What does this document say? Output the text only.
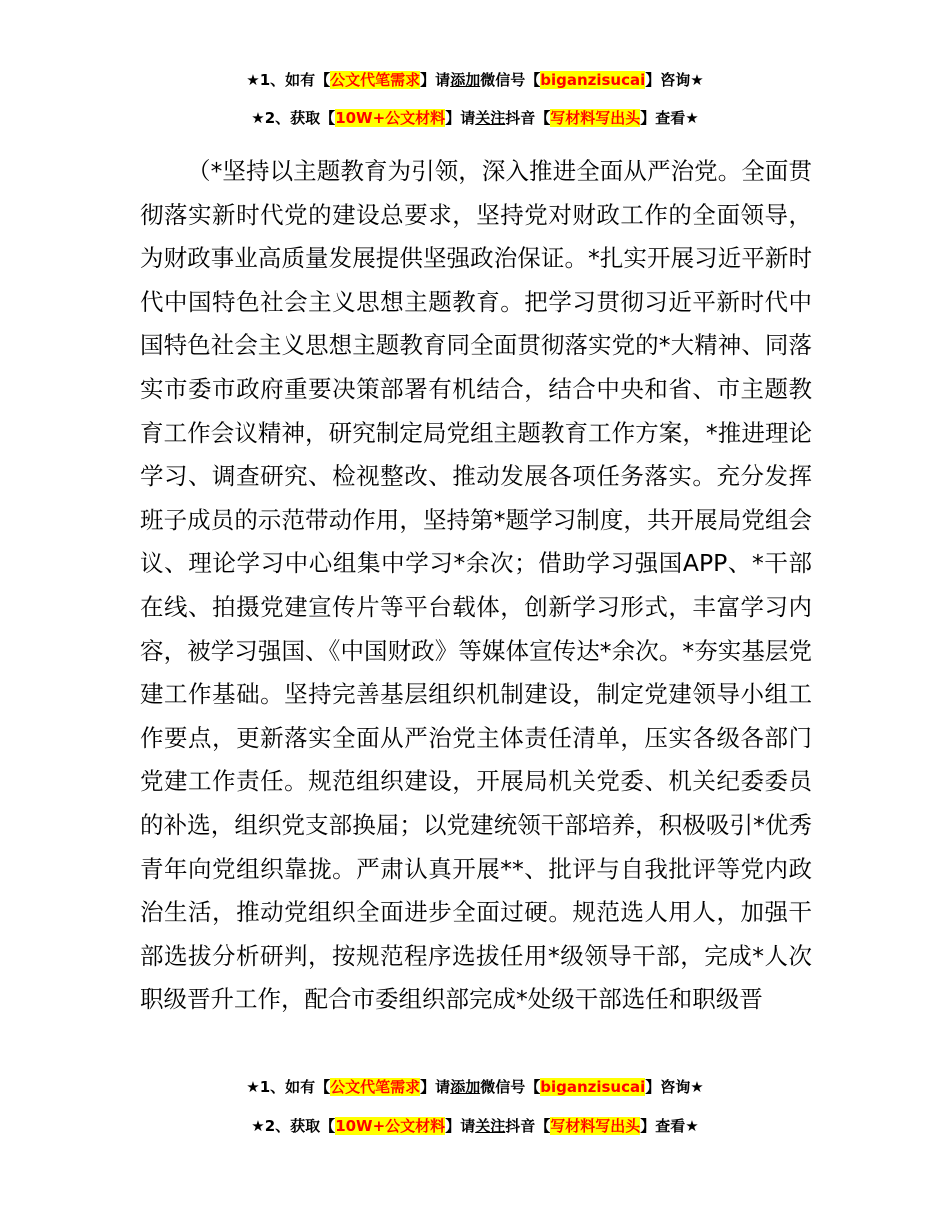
★1、如有【公文代笔需求】请添加微信号【biganzisucai】咨询★
★2、获取【10W+公文材料】请关注抖音【写材料写出头】查看★

（*坚持以主题教育为引领，深入推进全面从严治党。全面贯彻落实新时代党的建设总要求，坚持党对财政工作的全面领导，为财政事业高质量发展提供坚强政治保证。*扎实开展习近平新时代中国特色社会主义思想主题教育。把学习贯彻习近平新时代中国特色社会主义思想主题教育同全面贯彻落实党的*大精神、同落实市委市政府重要决策部署有机结合，结合中央和省、市主题教育工作会议精神，研究制定局党组主题教育工作方案，*推进理论学习、调查研究、检视整改、推动发展各项任务落实。充分发挥班子成员的示范带动作用，坚持第*题学习制度，共开展局党组会议、理论学习中心组集中学习*余次；借助学习强国APP、*干部在线、拍摄党建宣传片等平台载体，创新学习形式，丰富学习内容，被学习强国、《中国财政》等媒体宣传达*余次。*夯实基层党建工作基础。坚持完善基层组织机制建设，制定党建领导小组工作要点，更新落实全面从严治党主体责任清单，压实各级各部门党建工作责任。规范组织建设，开展局机关党委、机关纪委委员的补选，组织党支部换届；以党建统领干部培养，积极吸引*优秀青年向党组织靠拢。严肃认真开展**、批评与自我批评等党内政治生活，推动党组织全面进步全面过硬。规范选人用人，加强干部选拔分析研判，按规范程序选拔任用*级领导干部，完成*人次职级晋升工作，配合市委组织部完成*处级干部选任和职级晋

★1、如有【公文代笔需求】请添加微信号【biganzisucai】咨询★
★2、获取【10W+公文材料】请关注抖音【写材料写出头】查看★
